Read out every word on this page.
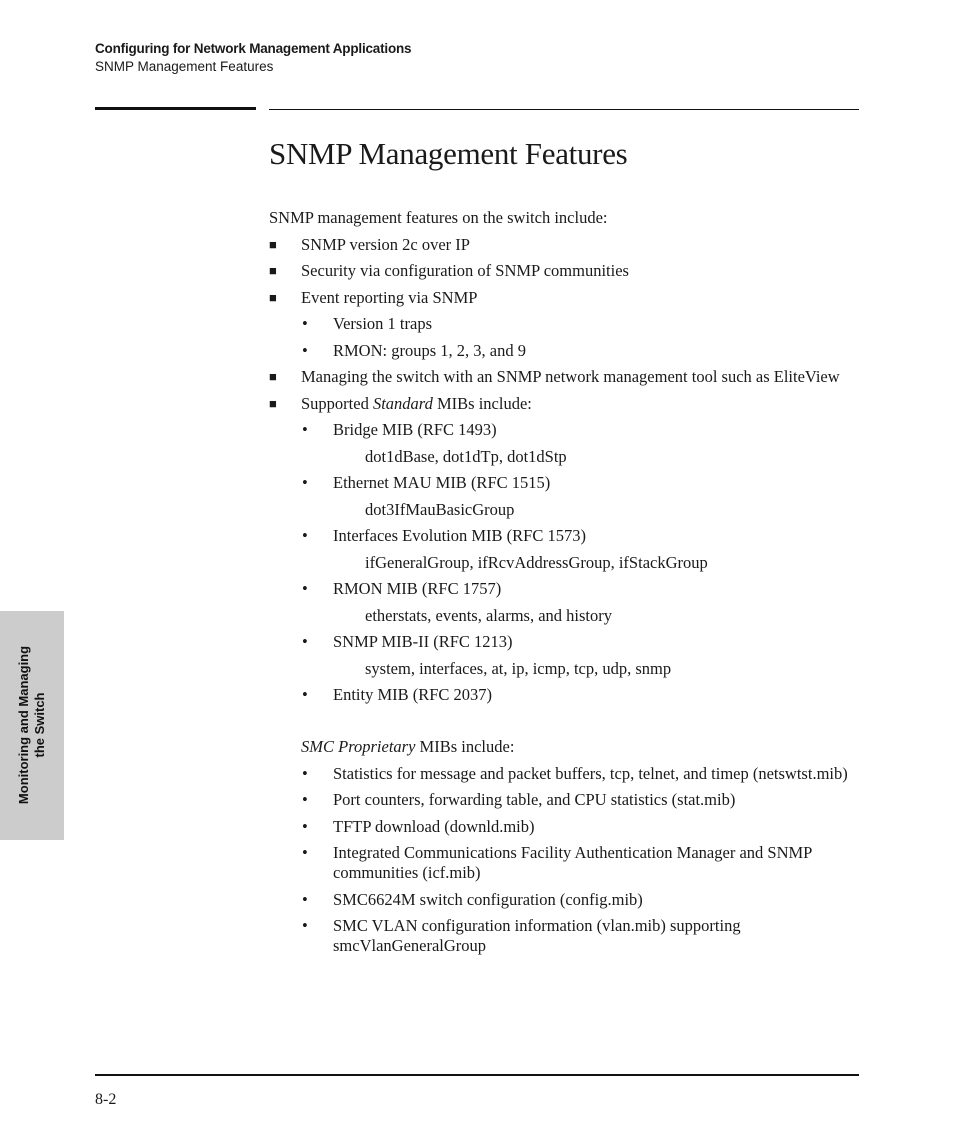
Configuring for Network Management Applications
SNMP Management Features
Monitoring and Managing the Switch
SNMP Management Features

SNMP management features on the switch include:

■ SNMP version 2c over IP
■ Security via configuration of SNMP communities
■ Event reporting via SNMP
• Version 1 traps
• RMON: groups 1, 2, 3, and 9
■ Managing the switch with an SNMP network management tool such as EliteView
■ Supported Standard MIBs include:
• Bridge MIB (RFC 1493)
dot1dBase, dot1dTp, dot1dStp
• Ethernet MAU MIB (RFC 1515)
dot3IfMauBasicGroup
• Interfaces Evolution MIB (RFC 1573)
ifGeneralGroup, ifRcvAddressGroup, ifStackGroup
• RMON MIB (RFC 1757)
etherstats, events, alarms, and history
• SNMP MIB-II (RFC 1213)
system, interfaces, at, ip, icmp, tcp, udp, snmp
• Entity MIB (RFC 2037)
SMC Proprietary MIBs include:
• Statistics for message and packet buffers, tcp, telnet, and timep (netswtst.mib)
• Port counters, forwarding table, and CPU statistics (stat.mib)
• TFTP download (downld.mib)
• Integrated Communications Facility Authentication Manager and SNMP communities (icf.mib)
• SMC6624M switch configuration (config.mib)
• SMC VLAN configuration information (vlan.mib) supporting smcVlanGeneralGroup
8-2
